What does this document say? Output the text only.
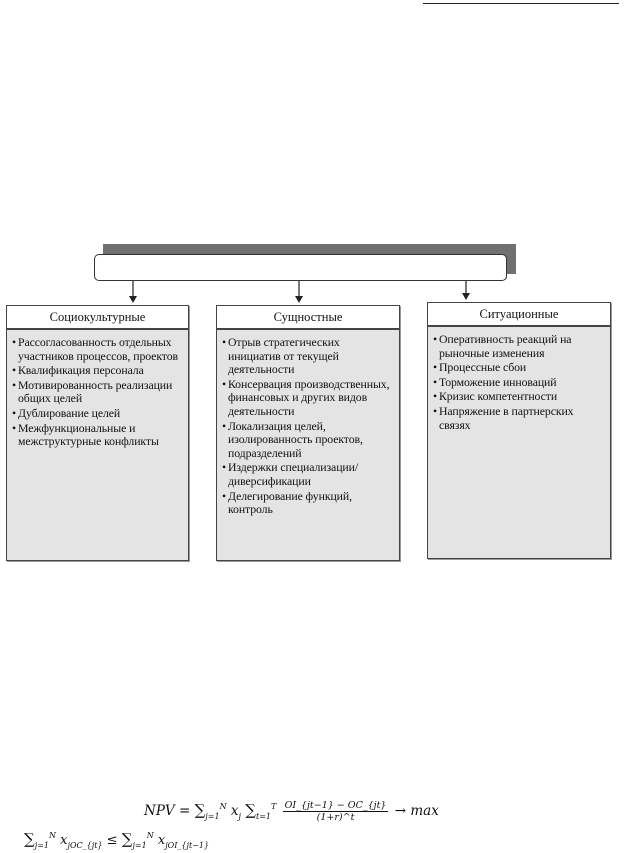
Социокультурные
• Рассогласованность отдельных участников процессов, проектов
• Квалификация персонала
• Мотивированность реализации общих целей
• Дублирование целей
• Межфункциональные и межструктурные конфликты
Сущностные
• Отрыв стратегических инициатив от текущей деятельности
• Консервация производственных, финансовых и других видов деятельности
• Локализация целей, изолированность проектов, подразделений
• Издержки специализации/диверсификации
• Делегирование функций, контроль
Ситуационные
• Оперативность реакций на рыночные изменения
• Процессные сбои
• Торможение инноваций
• Кризис компетентности
• Напряжение в партнерских связях
NPV = $\sum_{j=1}^N$ $x_j$ $\sum_{t=1}^T \frac{OI\_\{jt-1\} - OC\_\{jt\}}{(1+r)\^{}t} \to \max$
$\sum_{j=1}^N$ $x_{jOC\_\{jt\}} \le \sum_{j=1}^N$ $x_{jOI\_\{jt-1\}}$
